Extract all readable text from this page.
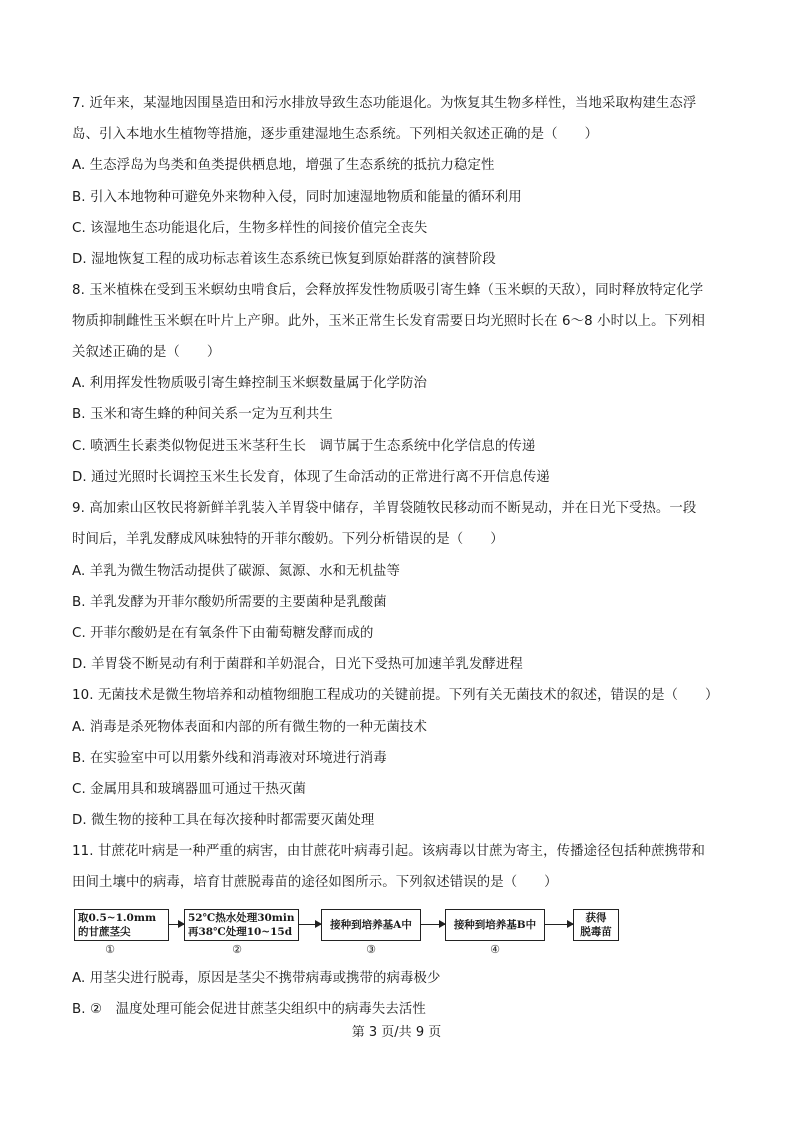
7. 近年来，某湿地因围垦造田和污水排放导致生态功能退化。为恢复其生物多样性，当地采取构建生态浮
岛、引入本地水生植物等措施，逐步重建湿地生态系统。下列相关叙述正确的是（　　）
A. 生态浮岛为鸟类和鱼类提供栖息地，增强了生态系统的抵抗力稳定性
B. 引入本地物种可避免外来物种入侵，同时加速湿地物质和能量的循环利用
C. 该湿地生态功能退化后，生物多样性的间接价值完全丧失
D. 湿地恢复工程的成功标志着该生态系统已恢复到原始群落的演替阶段
8. 玉米植株在受到玉米螟幼虫啃食后，会释放挥发性物质吸引寄生蜂（玉米螟的天敌），同时释放特定化学
物质抑制雌性玉米螟在叶片上产卵。此外，玉米正常生长发育需要日均光照时长在 6～8 小时以上。下列相
关叙述正确的是（　　）
A. 利用挥发性物质吸引寄生蜂控制玉米螟数量属于化学防治
B. 玉米和寄生蜂的种间关系一定为互利共生
C. 喷洒生长素类似物促进玉米茎秆生长　调节属于生态系统中化学信息的传递
D. 通过光照时长调控玉米生长发育，体现了生命活动的正常进行离不开信息传递
9. 高加索山区牧民将新鲜羊乳装入羊胃袋中储存，羊胃袋随牧民移动而不断晃动，并在日光下受热。一段
时间后，羊乳发酵成风味独特的开菲尔酸奶。下列分析错误的是（　　）
A. 羊乳为微生物活动提供了碳源、氮源、水和无机盐等
B. 羊乳发酵为开菲尔酸奶所需要的主要菌种是乳酸菌
C. 开菲尔酸奶是在有氧条件下由葡萄糖发酵而成的
D. 羊胃袋不断晃动有利于菌群和羊奶混合，日光下受热可加速羊乳发酵进程
10. 无菌技术是微生物培养和动植物细胞工程成功的关键前提。下列有关无菌技术的叙述，错误的是（　　）
A. 消毒是杀死物体表面和内部的所有微生物的一种无菌技术
B. 在实验室中可以用紫外线和消毒液对环境进行消毒
C. 金属用具和玻璃器皿可通过干热灭菌
D. 微生物的接种工具在每次接种时都需要灭菌处理
11. 甘蔗花叶病是一种严重的病害，由甘蔗花叶病毒引起。该病毒以甘蔗为寄主，传播途径包括种蔗携带和
田间土壤中的病毒，培育甘蔗脱毒苗的途径如图所示。下列叙述错误的是（　　）
取0.5~1.0mm
的甘蔗茎尖
52℃热水处理30min
再38℃处理10~15d
接种到培养基A中	接种到培养基B中
获得
脱毒苗
①	②	③	④
A. 用茎尖进行脱毒，原因是茎尖不携带病毒或携带的病毒极少
B. ②　温度处理可能会促进甘蔗茎尖组织中的病毒失去活性
第 3 页/共 9 页
